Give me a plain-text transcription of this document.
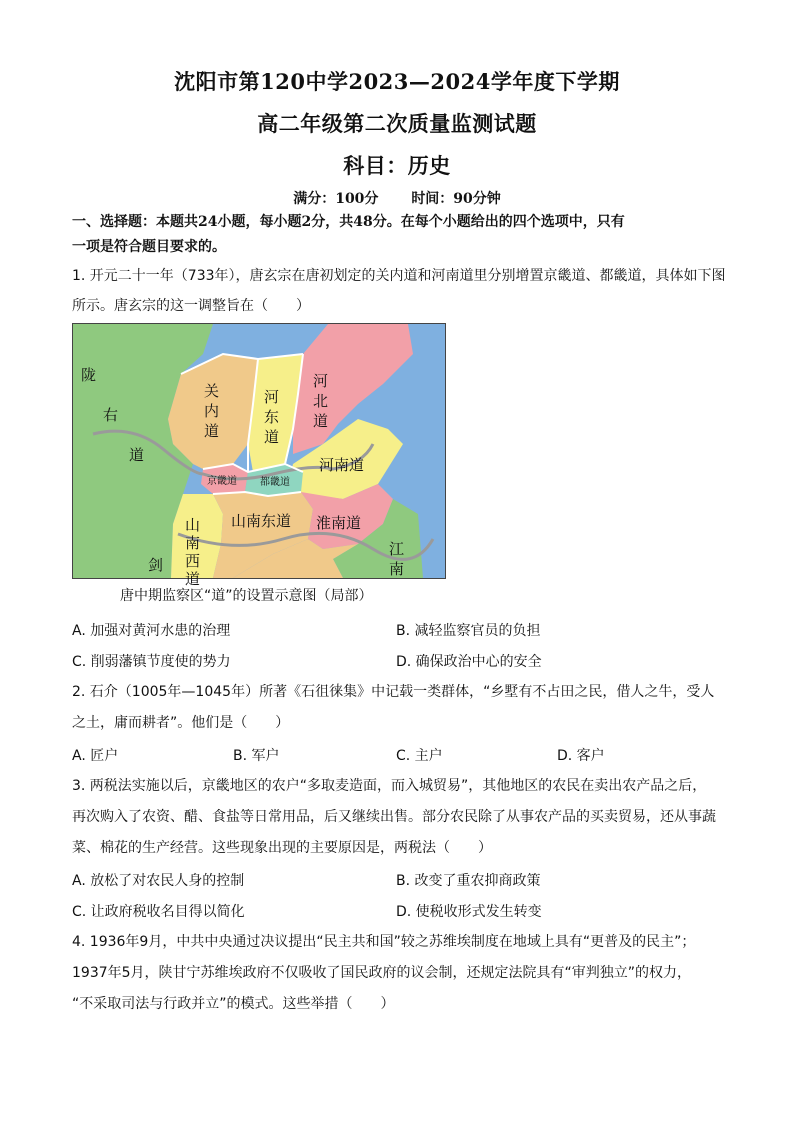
沈阳市第120中学2023—2024学年度下学期
高二年级第二次质量监测试题
科目：历史
满分：100分 时间：90分钟
一、选择题：本题共24小题，每小题2分，共48分。在每个小题给出的四个选项中，只有
一项是符合题目要求的。
1. 开元二十一年（733年），唐玄宗在唐初划定的关内道和河南道里分别增置京畿道、都畿道，具体如下图
所示。唐玄宗的这一调整旨在（　　）
陇
右
道
关
内
道
河
东
道
河
北
道
河南道
山
南
西
道
山南东道 淮南道
剑
江
南
京畿道 都畿道
唐中期监察区“道”的设置示意图（局部）
A. 加强对黄河水患的治理	B. 减轻监察官员的负担
C. 削弱藩镇节度使的势力	D. 确保政治中心的安全
2. 石介（1005年—1045年）所著《石徂徕集》中记载一类群体，“乡墅有不占田之民，借人之牛，受人
之土，庸而耕者”。他们是（　　）
A. 匠户	B. 军户	C. 主户	D. 客户
3. 两税法实施以后，京畿地区的农户“多取麦造面，而入城贸易”，其他地区的农民在卖出农产品之后，
再次购入了农资、醋、食盐等日常用品，后又继续出售。部分农民除了从事农产品的买卖贸易，还从事蔬
菜、棉花的生产经营。这些现象出现的主要原因是，两税法（　　）
A. 放松了对农民人身的控制	B. 改变了重农抑商政策
C. 让政府税收名目得以简化	D. 使税收形式发生转变
4. 1936年9月，中共中央通过决议提出“民主共和国”较之苏维埃制度在地域上具有“更普及的民主”；
1937年5月，陕甘宁苏维埃政府不仅吸收了国民政府的议会制，还规定法院具有“审判独立”的权力，
“不采取司法与行政并立”的模式。这些举措（　　）
